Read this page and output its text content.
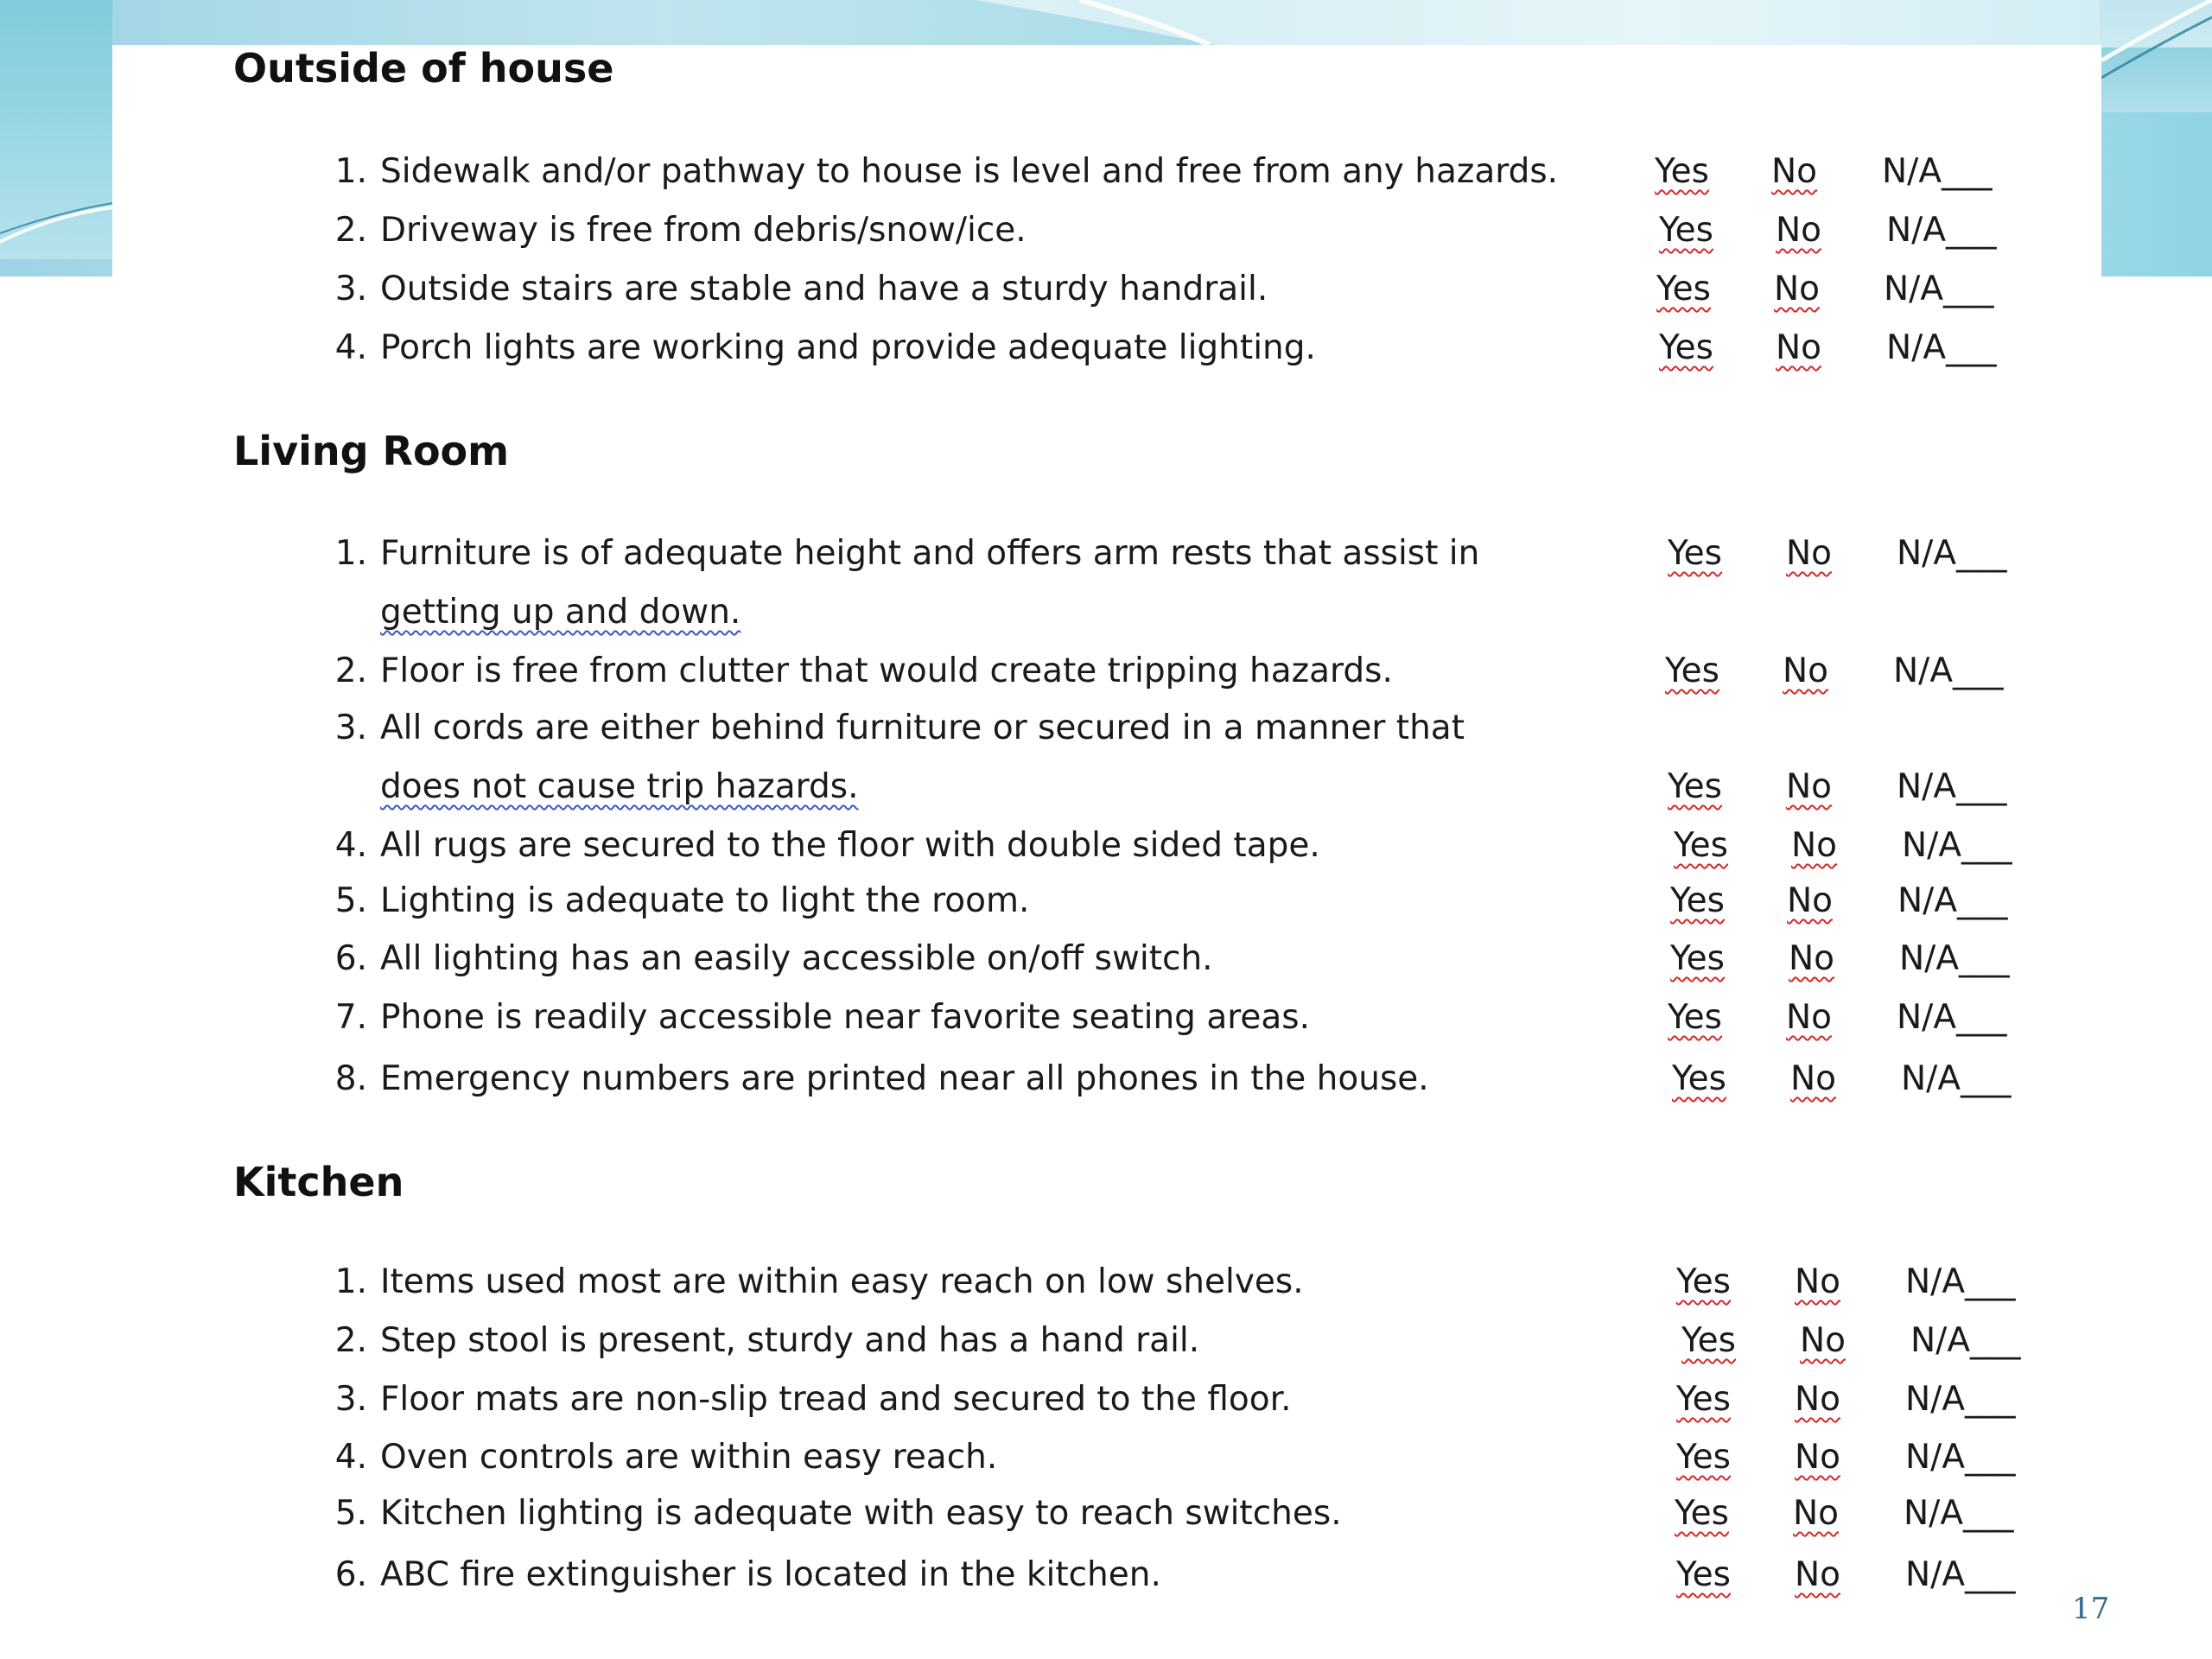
Outside of house
1. Sidewalk and/or pathway to house is level and free from any hazards.	Yes No N/A___
2. Driveway is free from debris/snow/ice.	Yes No N/A___
3. Outside stairs are stable and have a sturdy handrail.	Yes No N/A___
4. Porch lights are working and provide adequate lighting.	Yes No N/A___
Living Room
1. Furniture is of adequate height and offers arm rests that assist in
getting up and down.
Yes No N/A___
2. Floor is free from clutter that would create tripping hazards.	Yes No N/A___
3. All cords are either behind furniture or secured in a manner that
does not cause trip hazards.	Yes No N/A___
4. All rugs are secured to the floor with double sided tape.	Yes No N/A___
5. Lighting is adequate to light the room.	Yes No N/A___
6. All lighting has an easily accessible on/off switch.	Yes No N/A___
7. Phone is readily accessible near favorite seating areas.	Yes No N/A___
8. Emergency numbers are printed near all phones in the house.	Yes No N/A___
Kitchen
1. Items used most are within easy reach on low shelves.	Yes No N/A___
2. Step stool is present, sturdy and has a hand rail.	Yes No N/A___
3. Floor mats are non-slip tread and secured to the floor.	Yes No N/A___
4. Oven controls are within easy reach.	Yes No N/A___
5. Kitchen lighting is adequate with easy to reach switches.	Yes No N/A___
6. ABC fire extinguisher is located in the kitchen.	Yes No N/A___
17
